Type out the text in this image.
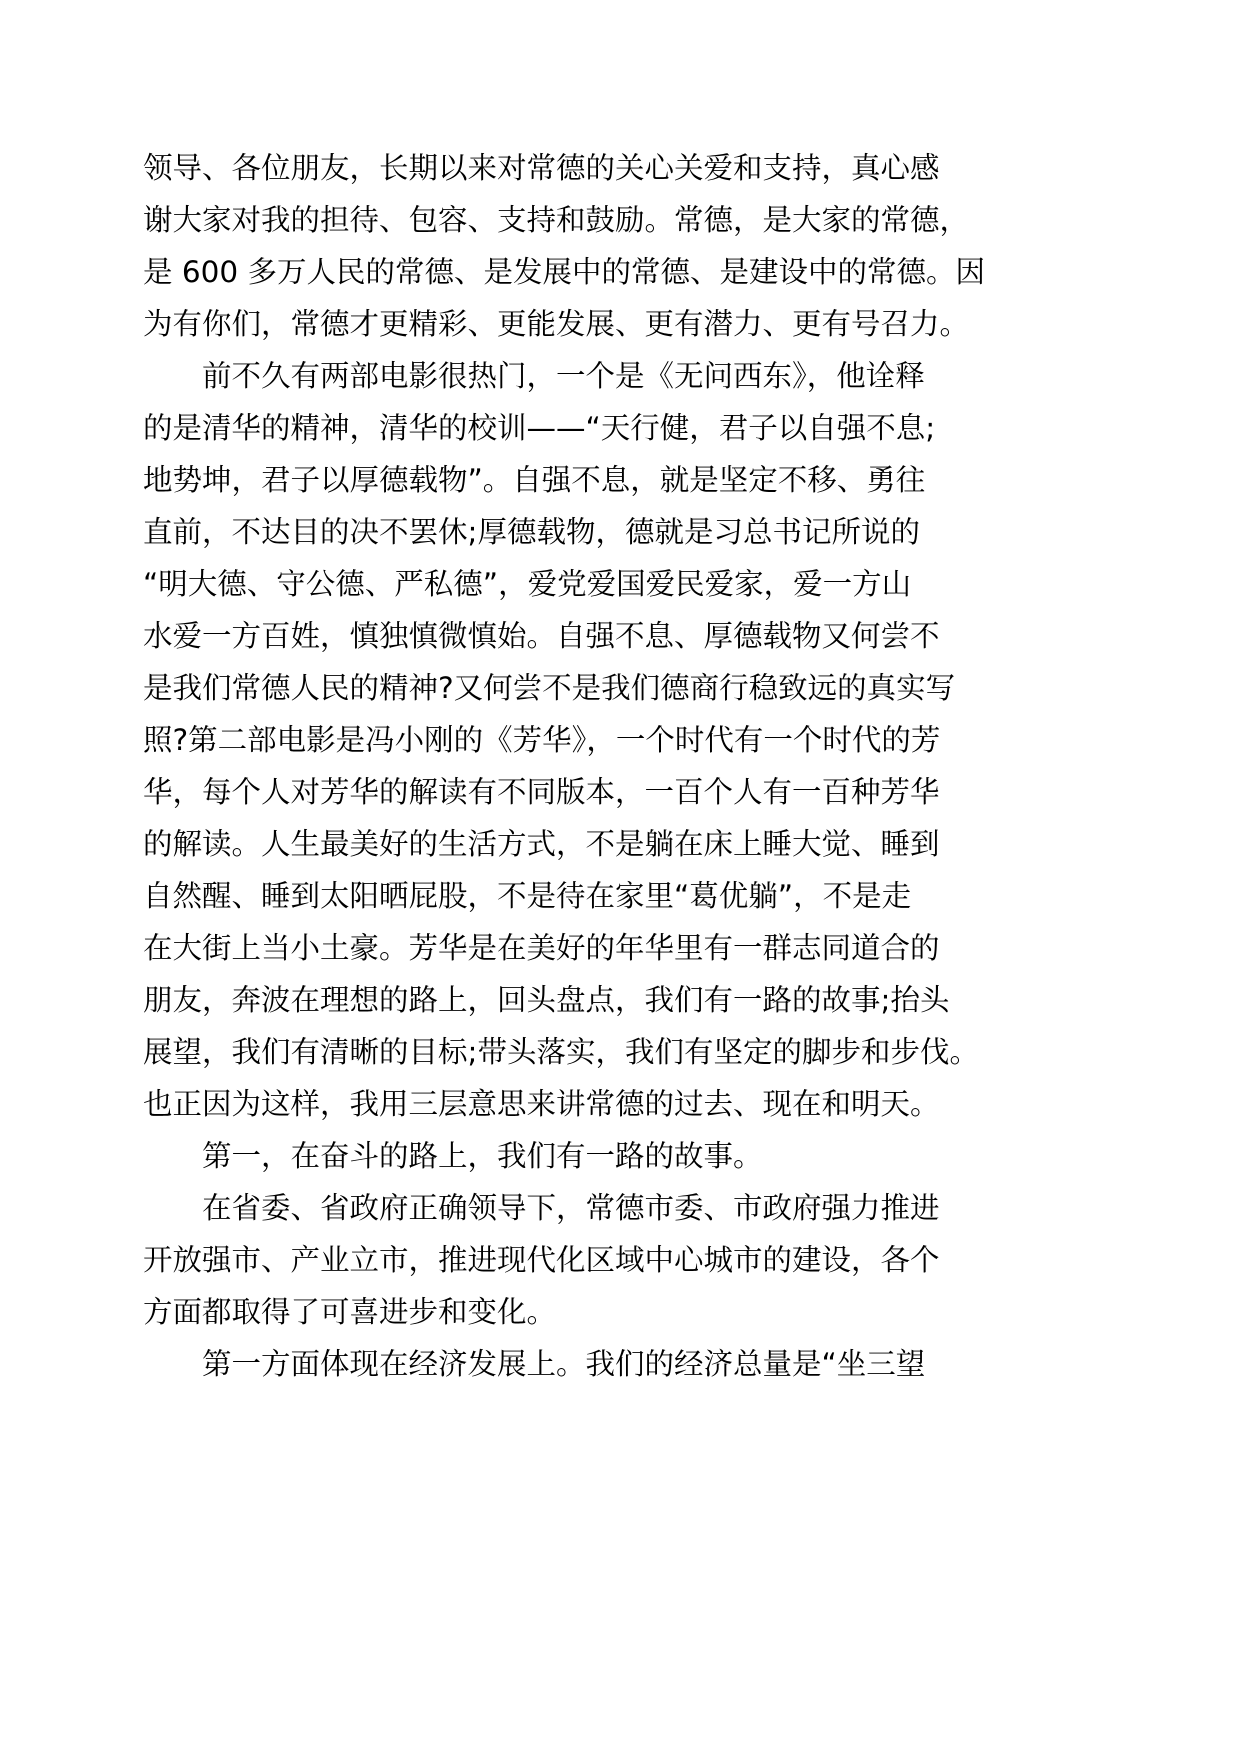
领导、各位朋友，长期以来对常德的关心关爱和支持，真心感
谢大家对我的担待、包容、支持和鼓励。常德，是大家的常德，
是 600 多万人民的常德、是发展中的常德、是建设中的常德。因
为有你们，常德才更精彩、更能发展、更有潜力、更有号召力。
前不久有两部电影很热门，一个是《无问西东》，他诠释
的是清华的精神，清华的校训——“天行健，君子以自强不息;
地势坤，君子以厚德载物”。自强不息，就是坚定不移、勇往
直前，不达目的决不罢休;厚德载物，德就是习总书记所说的
“明大德、守公德、严私德”，爱党爱国爱民爱家，爱一方山
水爱一方百姓，慎独慎微慎始。自强不息、厚德载物又何尝不
是我们常德人民的精神?又何尝不是我们德商行稳致远的真实写
照?第二部电影是冯小刚的《芳华》，一个时代有一个时代的芳
华，每个人对芳华的解读有不同版本，一百个人有一百种芳华
的解读。人生最美好的生活方式，不是躺在床上睡大觉、睡到
自然醒、睡到太阳晒屁股，不是待在家里“葛优躺”，不是走
在大街上当小土豪。芳华是在美好的年华里有一群志同道合的
朋友，奔波在理想的路上，回头盘点，我们有一路的故事;抬头
展望，我们有清晰的目标;带头落实，我们有坚定的脚步和步伐。
也正因为这样，我用三层意思来讲常德的过去、现在和明天。
第一，在奋斗的路上，我们有一路的故事。
在省委、省政府正确领导下，常德市委、市政府强力推进
开放强市、产业立市，推进现代化区域中心城市的建设，各个
方面都取得了可喜进步和变化。
第一方面体现在经济发展上。我们的经济总量是“坐三望
